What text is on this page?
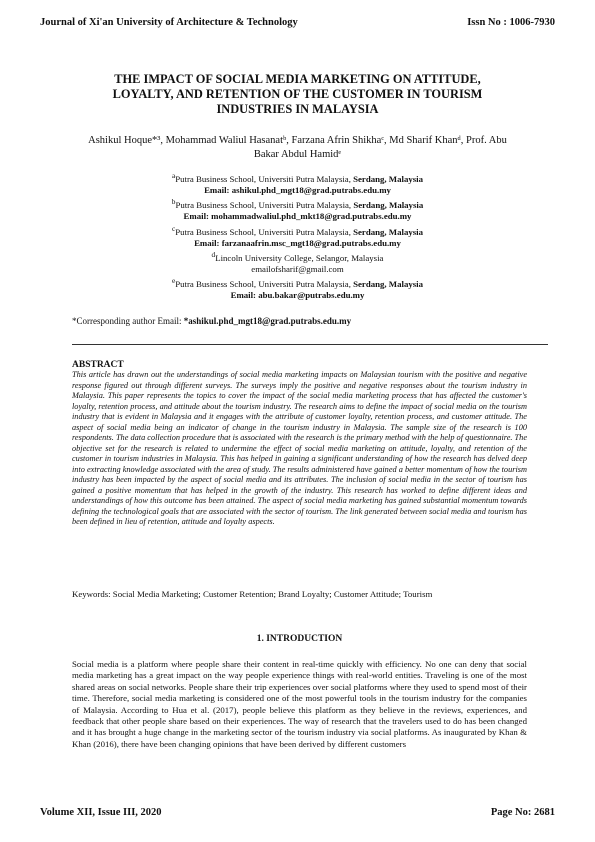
Journal of Xi'an University of Architecture & Technology	Issn No : 1006-7930
THE IMPACT OF SOCIAL MEDIA MARKETING ON ATTITUDE,
LOYALTY, AND RETENTION OF THE CUSTOMER IN TOURISM
INDUSTRIES IN MALAYSIA
Ashikul Hoque*³, Mohammad Waliul Hasanatᵇ, Farzana Afrin Shikhaᶜ, Md Sharif Khanᵈ, Prof. Abu
Bakar Abdul Hamidᵉ
$^a$Putra Business School, Universiti Putra Malaysia, Serdang, Malaysia
Email: ashikul.phd_mgt18@grad.putrabs.edu.my
$^b$Putra Business School, Universiti Putra Malaysia, Serdang, Malaysia
Email: mohammadwaliul.phd_mkt18@grad.putrabs.edu.my
$^c$Putra Business School, Universiti Putra Malaysia, Serdang, Malaysia
Email: farzanaafrin.msc_mgt18@grad.putrabs.edu.my
$^d$Lincoln University College, Selangor, Malaysia
emailofsharif@gmail.com
$^e$Putra Business School, Universiti Putra Malaysia, Serdang, Malaysia
Email: abu.bakar@putrabs.edu.my
*Corresponding author Email: *ashikul.phd_mgt18@grad.putrabs.edu.my
ABSTRACT
This article has drawn out the understandings of social media marketing impacts on Malaysian tourism with the positive and negative response figured out through different surveys. The surveys imply the positive and negative responses about the tourism industry in Malaysia. This paper represents the topics to cover the impact of the social media marketing process that has affected the customer's loyalty, retention process, and attitude about the tourism industry. The research aims to define the impact of social media on the tourism industry that is evident in Malaysia and it engages with the attribute of customer loyalty, retention process, and customer attitude. The aspect of social media being an indicator of change in the tourism industry in Malaysia. The sample size of the research is 100 respondents. The data collection procedure that is associated with the research is the primary method with the help of questionnaire. The objective set for the research is related to undermine the effect of social media marketing on attitude, loyalty, and retention of the customer in tourism industries in Malaysia. This has helped in gaining a significant understanding of how the research has delved deep into extracting knowledge associated with the area of study. The results administered have gained a better momentum of how the tourism industry has been impacted by the aspect of social media and its attributes. The inclusion of social media in the sector of tourism has gained a positive momentum that has helped in the growth of the industry. This research has worked to define different ideas and understandings of how this outcome has been attained. The aspect of social media marketing has gained substantial momentum towards defining the technological goals that are associated with the sector of tourism. The link generated between social media and tourism has been defined in lieu of retention, attitude and loyalty aspects.
Keywords: Social Media Marketing; Customer Retention; Brand Loyalty; Customer Attitude; Tourism
1. INTRODUCTION
Social media is a platform where people share their content in real-time quickly with efficiency. No one can deny that social media marketing has a great impact on the way people experience things with real-world entities. Traveling is one of the most shared areas on social networks. People share their trip experiences over social platforms where they used to spend most of their time. Therefore, social media marketing is considered one of the most powerful tools in the tourism industry for the companies of Malaysia. According to Hua et al. (2017), people believe this platform as they believe in the reviews, experiences, and feedback that other people share based on their experiences. The way of research that the travelers used to do has been changed and it has brought a huge change in the marketing sector of the tourism industry via social platforms. As inaugurated by Khan & Khan (2016), there have been changing opinions that have been derived by different customers
Volume XII, Issue III, 2020	Page No: 2681
